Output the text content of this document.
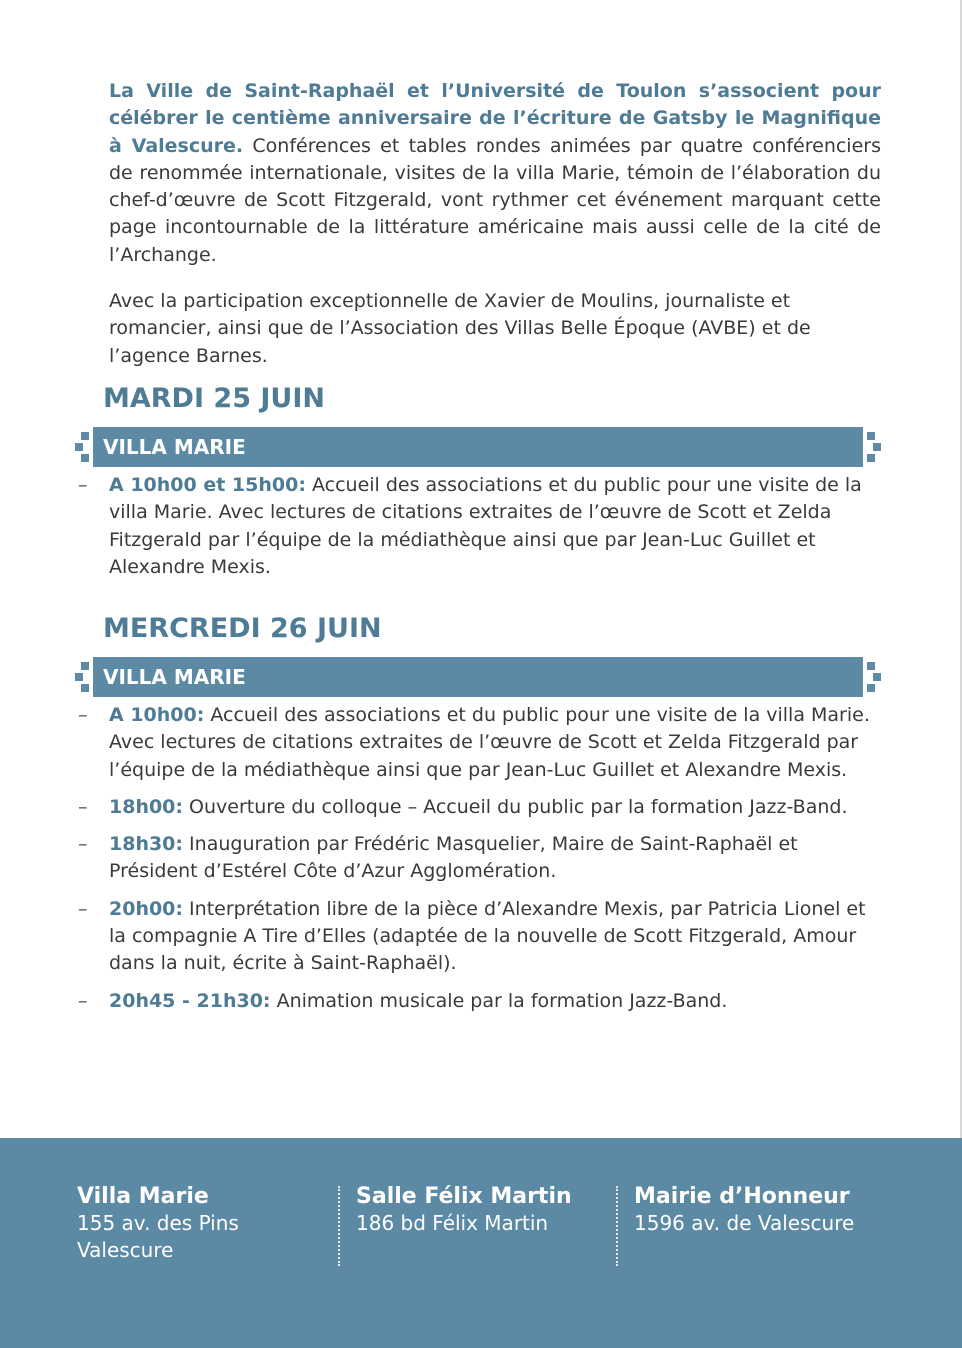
La Ville de Saint-Raphaël et l’Université de Toulon s’associent pour célébrer le centième anniversaire de l’écriture de Gatsby le Magnifique à Valescure. Conférences et tables rondes animées par quatre conférenciers de renommée internationale, visites de la villa Marie, témoin de l’élaboration du chef-d’œuvre de Scott Fitzgerald, vont rythmer cet événement marquant cette page incontournable de la littérature américaine mais aussi celle de la cité de l’Archange.

Avec la participation exceptionnelle de Xavier de Moulins, journaliste et romancier, ainsi que de l’Association des Villas Belle Époque (AVBE) et de l’agence Barnes.

MARDI 25 JUIN
VILLA MARIE
– A 10h00 et 15h00: Accueil des associations et du public pour une visite de la villa Marie. Avec lectures de citations extraites de l’œuvre de Scott et Zelda Fitzgerald par l’équipe de la médiathèque ainsi que par Jean-Luc Guillet et Alexandre Mexis.
MERCREDI 26 JUIN
VILLA MARIE
– A 10h00: Accueil des associations et du public pour une visite de la villa Marie. Avec lectures de citations extraites de l’œuvre de Scott et Zelda Fitzgerald par l’équipe de la médiathèque ainsi que par Jean-Luc Guillet et Alexandre Mexis.
– 18h00: Ouverture du colloque – Accueil du public par la formation Jazz-Band.
– 18h30: Inauguration par Frédéric Masquelier, Maire de Saint-Raphaël et Président d’Estérel Côte d’Azur Agglomération.
– 20h00: Interprétation libre de la pièce d’Alexandre Mexis, par Patricia Lionel et la compagnie A Tire d’Elles (adaptée de la nouvelle de Scott Fitzgerald, Amour dans la nuit, écrite à Saint-Raphaël).
– 20h45 - 21h30: Animation musicale par la formation Jazz-Band.
Villa Marie
155 av. des Pins
Valescure
Salle Félix Martin
186 bd Félix Martin
Mairie d’Honneur
1596 av. de Valescure
